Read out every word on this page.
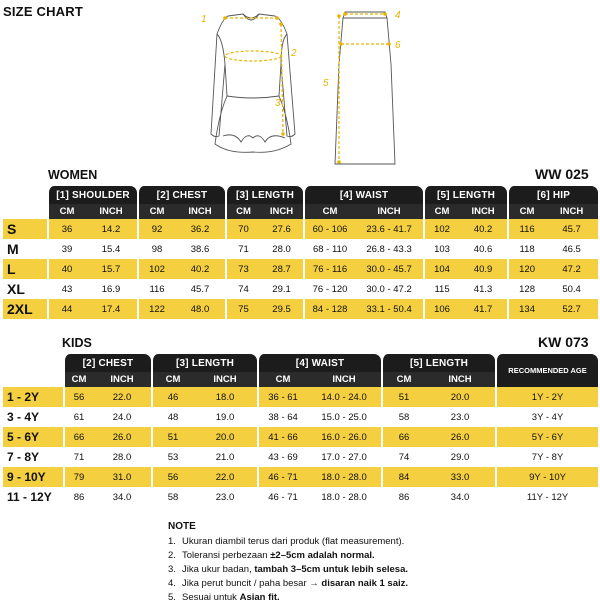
SIZE CHART
1
2
3
4
6
5
WOMEN	WW 025
	[1] SHOULDER		[2] CHEST		[3] LENGTH		[4] WAIST		[5] LENGTH		[6] HIP	
	CM	INCH	CM	INCH	CM	INCH	CM	INCH	CM	INCH	CM	INCH
S	36	14.2	92	36.2	70	27.6	60 - 106	23.6 - 41.7	102	40.2	116	45.7
M	39	15.4	98	38.6	71	28.0	68 - 110	26.8 - 43.3	103	40.6	118	46.5
L	40	15.7	102	40.2	73	28.7	76 - 116	30.0 - 45.7	104	40.9	120	47.2
XL	43	16.9	116	45.7	74	29.1	76 - 120	30.0 - 47.2	115	41.3	128	50.4
2XL	44	17.4	122	48.0	75	29.5	84 - 128	33.1 - 50.4	106	41.7	134	52.7
KIDS	KW 073
	[2] CHEST		[3] LENGTH		[4] WAIST		[5] LENGTH		RECOMMENDED AGE
	CM	INCH	CM	INCH	CM	INCH	CM	INCH	
1 - 2Y	56	22.0	46	18.0	36 - 61	14.0 - 24.0	51	20.0	1Y - 2Y
3 - 4Y	61	24.0	48	19.0	38 - 64	15.0 - 25.0	58	23.0	3Y - 4Y
5 - 6Y	66	26.0	51	20.0	41 - 66	16.0 - 26.0	66	26.0	5Y - 6Y
7 - 8Y	71	28.0	53	21.0	43 - 69	17.0 - 27.0	74	29.0	7Y - 8Y
9 - 10Y	79	31.0	56	22.0	46 - 71	18.0 - 28.0	84	33.0	9Y - 10Y
11 - 12Y	86	34.0	58	23.0	46 - 71	18.0 - 28.0	86	34.0	11Y - 12Y
NOTE
1. Ukuran diambil terus dari produk (flat measurement).
2. Toleransi perbezaan ±2–5cm adalah normal.
3. Jika ukur badan, tambah 3–5cm untuk lebih selesa.
4. Jika perut buncit / paha besar → disaran naik 1 saiz.
5. Sesuai untuk Asian fit.
